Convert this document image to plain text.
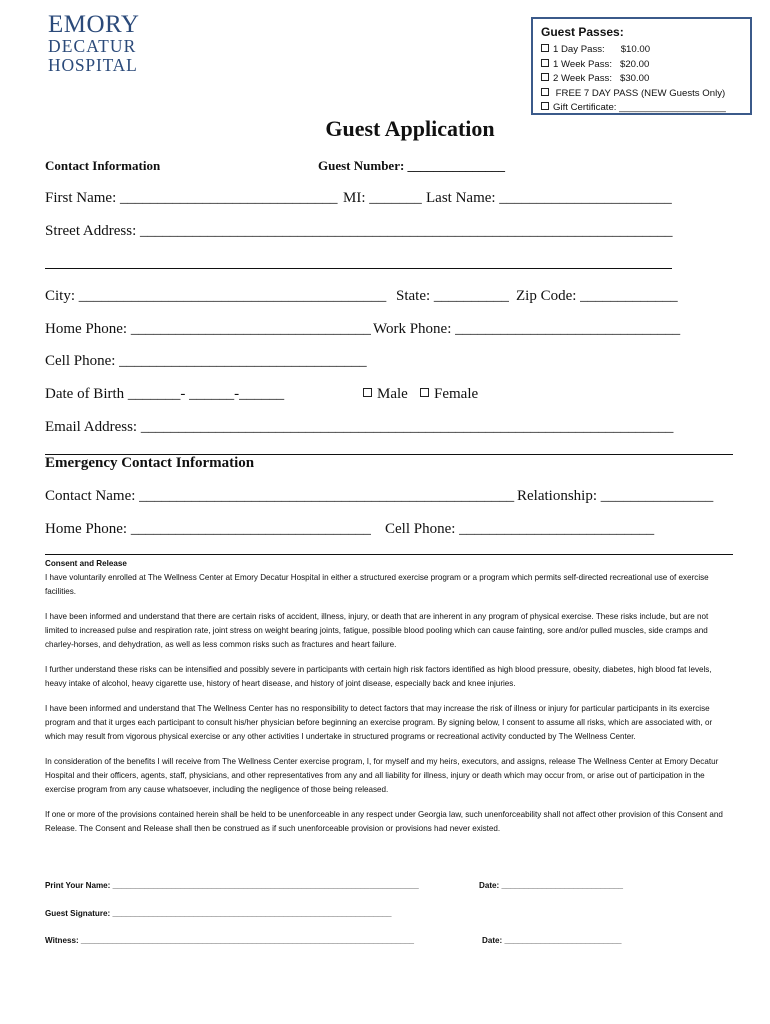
EMORY
DECATUR
HOSPITAL
Guest Passes:
1 Day Pass:      $10.00
1 Week Pass:   $20.00
2 Week Pass:   $30.00
FREE 7 DAY PASS (NEW Guests Only)
Gift Certificate: ____________________
Guest Application
Contact Information	Guest Number: _______________
First Name: _____________________________ MI: _______ Last Name: _______________________
Street Address: _______________________________________________________________________
City: _________________________________________ State: __________ Zip Code: _____________
Home Phone: ________________________________ Work Phone: ______________________________
Cell Phone: _________________________________
Date of Birth _______- ______-______	Male	Female
Email Address: _______________________________________________________________________
Emergency Contact Information
Contact Name: __________________________________________________ Relationship: _______________
Home Phone: ________________________________ Cell Phone: __________________________
Consent and Release

I have voluntarily enrolled at The Wellness Center at Emory Decatur Hospital in either a structured exercise program or a program which permits self-directed recreational use of exercise facilities.

I have been informed and understand that there are certain risks of accident, illness, injury, or death that are inherent in any program of physical exercise. These risks include, but are not limited to increased pulse and respiration rate, joint stress on weight bearing joints, fatigue, possible blood pooling which can cause fainting, sore and/or pulled muscles, side cramps and charley-horses, and dehydration, as well as less common risks such as fractures and heart failure.

I further understand these risks can be intensified and possibly severe in participants with certain high risk factors identified as high blood pressure, obesity, diabetes, high blood fat levels, heavy intake of alcohol, heavy cigarette use, history of heart disease, and history of joint disease, especially back and knee injuries.

I have been informed and understand that The Wellness Center has no responsibility to detect factors that may increase the risk of illness or injury for particular participants in its exercise program and that it urges each participant to consult his/her physician before beginning an exercise program. By signing below, I consent to assume all risks, which are associated with, or which may result from vigorous physical exercise or any other activities I undertake in structured programs or recreational activity conducted by The Wellness Center.

In consideration of the benefits I will receive from The Wellness Center exercise program, I, for myself and my heirs, executors, and assigns, release The Wellness Center at Emory Decatur Hospital and their officers, agents, staff, physicians, and other representatives from any and all liability for illness, injury or death which may occur from, or arise out of participation in the exercise program from any cause whatsoever, including the negligence of those being released.

If one or more of the provisions contained herein shall be held to be unenforceable in any respect under Georgia law, such unenforceability shall not affect other provision of this Consent and Release. The Consent and Release shall then be construed as if such unenforceable provision or provisions had never existed.

Print Your Name: ____________________________________________________________________	Date: ___________________________
Guest Signature: ______________________________________________________________
Witness: __________________________________________________________________________	Date: __________________________
